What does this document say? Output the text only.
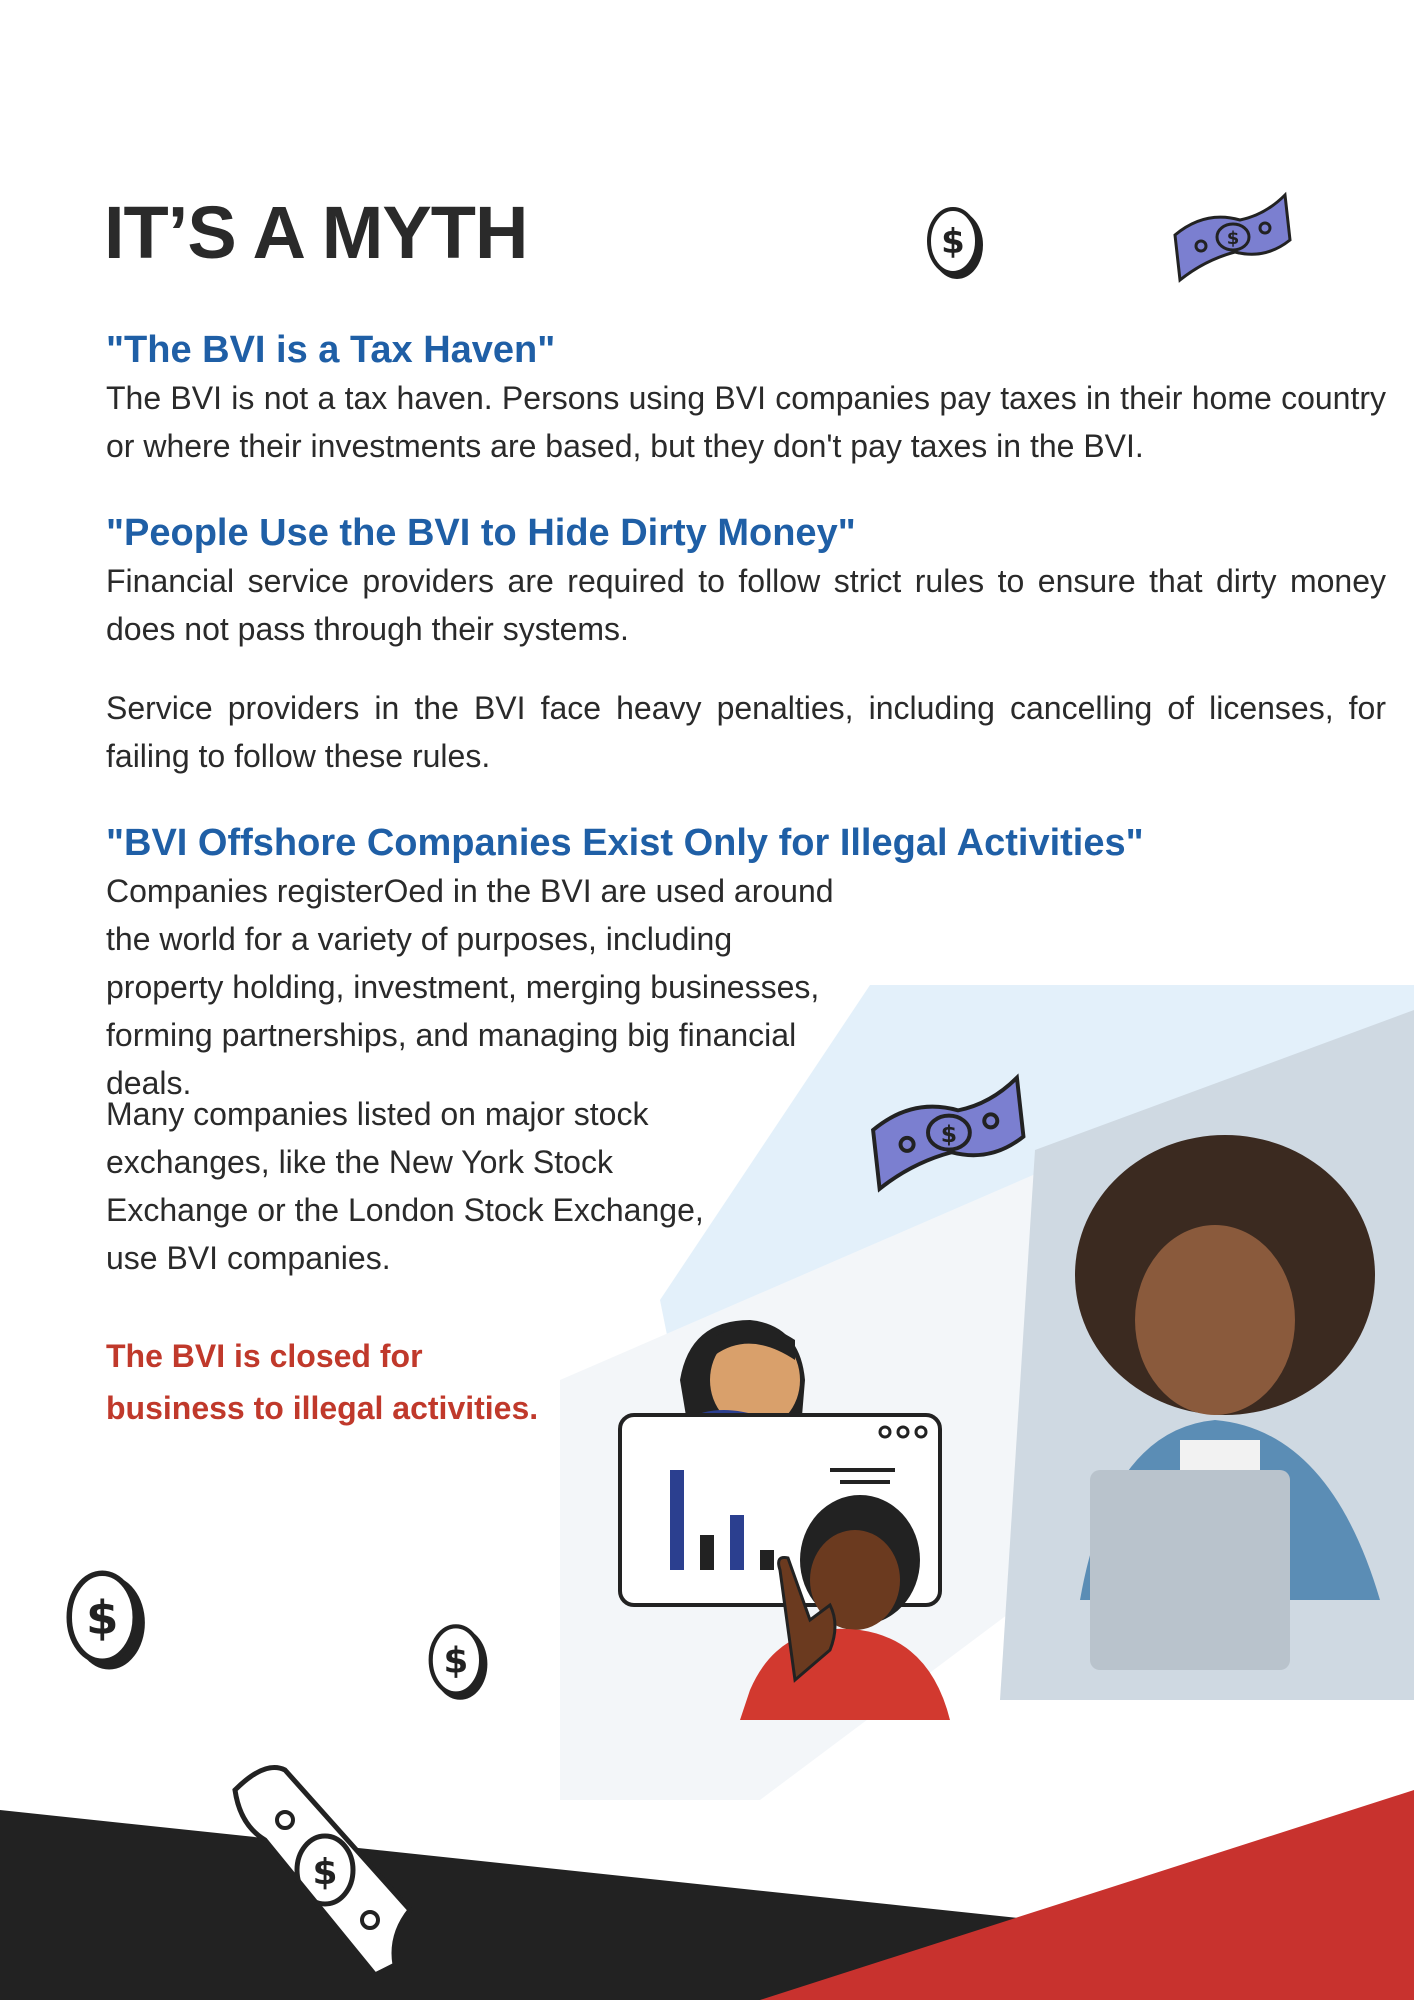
$
$
$
$
$
$
IT’S A MYTH
"The BVI is a Tax Haven"

The BVI is not a tax haven. Persons using BVI companies pay taxes in their home country or where their investments are based, but they don't pay taxes in the BVI.

"People Use the BVI to Hide Dirty Money"

Financial service providers are required to follow strict rules to ensure that dirty money does not pass through their systems.

Service providers in the BVI face heavy penalties, including cancelling of licenses, for failing to follow these rules.

"BVI Offshore Companies Exist Only for Illegal Activities"

Companies registerOed in the BVI are used around the world for a variety of purposes, including property holding, investment, merging businesses, forming partnerships, and managing big financial deals.

Many companies listed on major stock exchanges, like the New York Stock Exchange or the London Stock Exchange, use BVI companies.

The BVI is closed for business to illegal activities.
